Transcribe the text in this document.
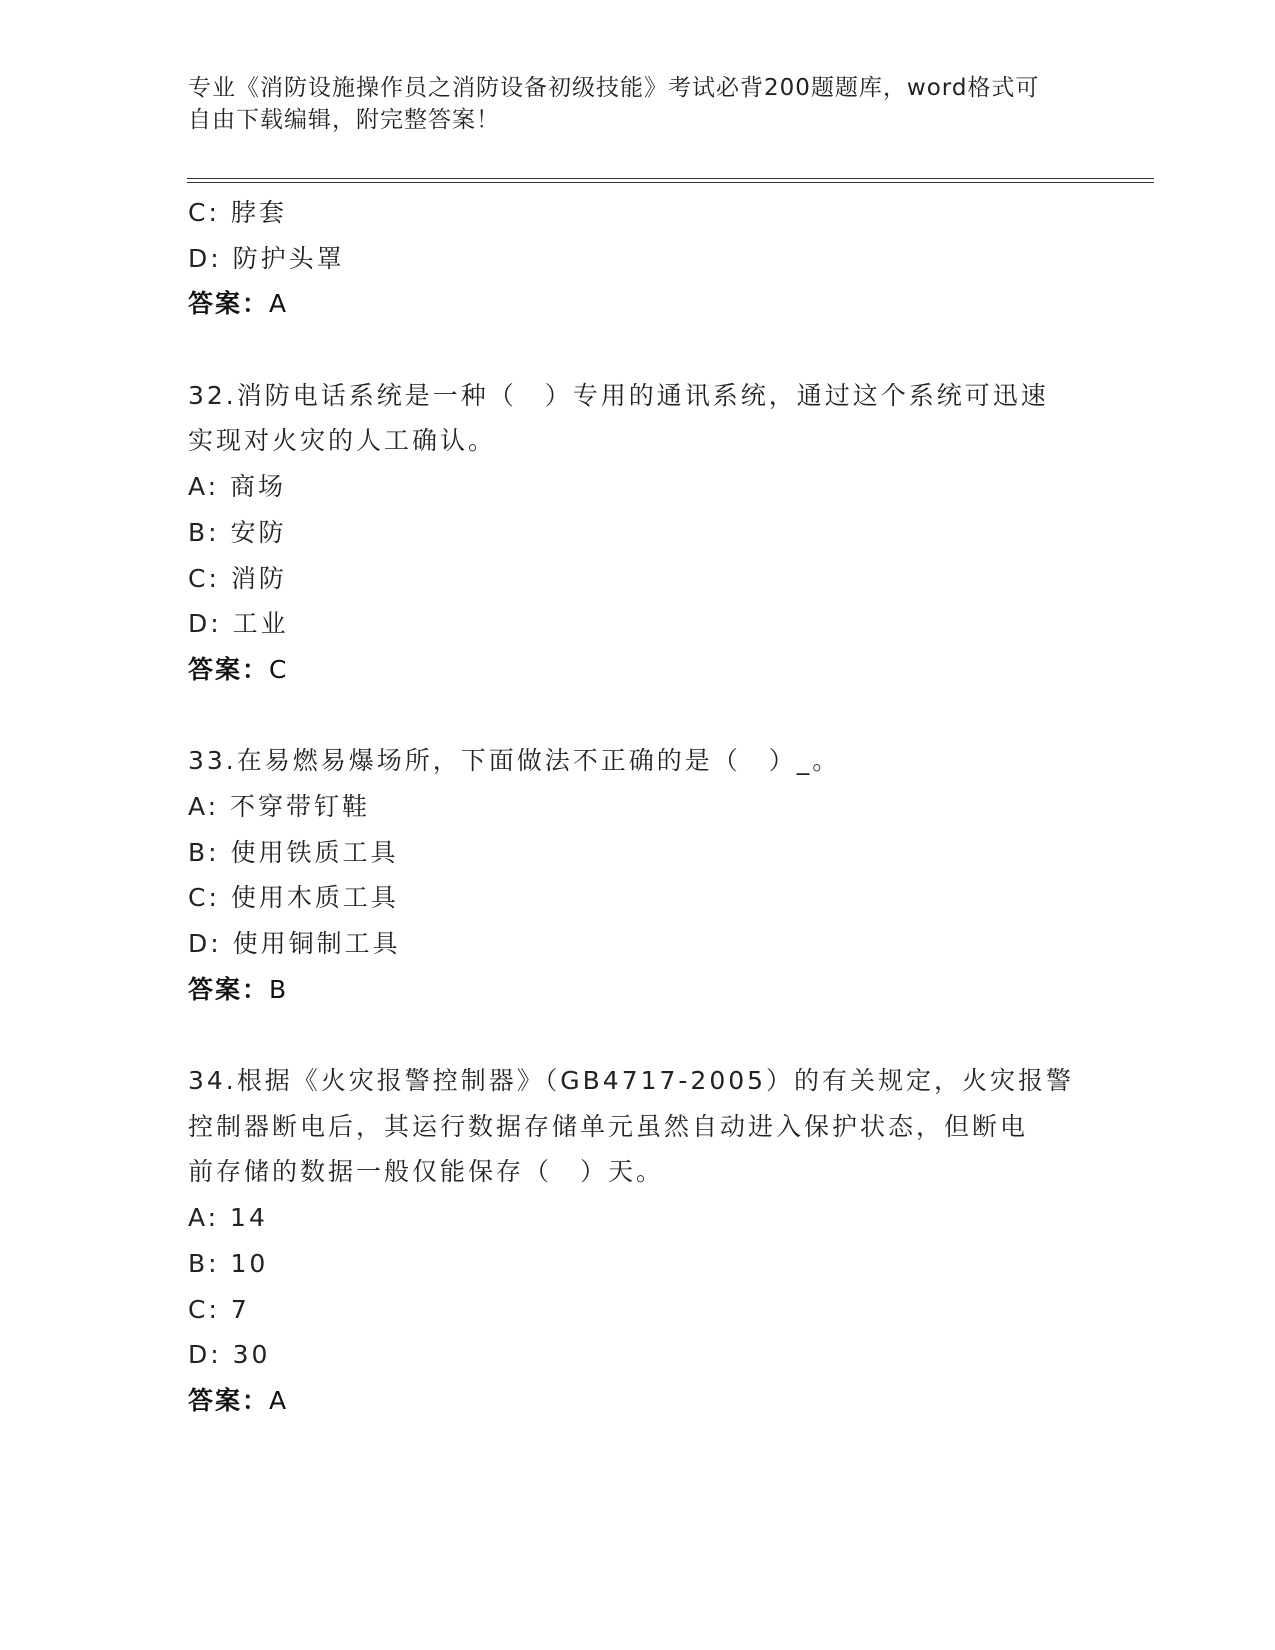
专业《消防设施操作员之消防设备初级技能》考试必背200题题库，word格式可
自由下载编辑，附完整答案！
C: 脖套
D: 防护头罩
答案：A
32.消防电话系统是一种（　）专用的通讯系统，通过这个系统可迅速
实现对火灾的人工确认。
A: 商场
B: 安防
C: 消防
D: 工业
答案：C
33.在易燃易爆场所，下面做法不正确的是（　）_。
A: 不穿带钉鞋
B: 使用铁质工具
C: 使用木质工具
D: 使用铜制工具
答案：B
34.根据《火灾报警控制器》（GB4717-2005）的有关规定，火灾报警
控制器断电后，其运行数据存储单元虽然自动进入保护状态，但断电
前存储的数据一般仅能保存（　）天。
A: 14
B: 10
C: 7
D: 30
答案：A
